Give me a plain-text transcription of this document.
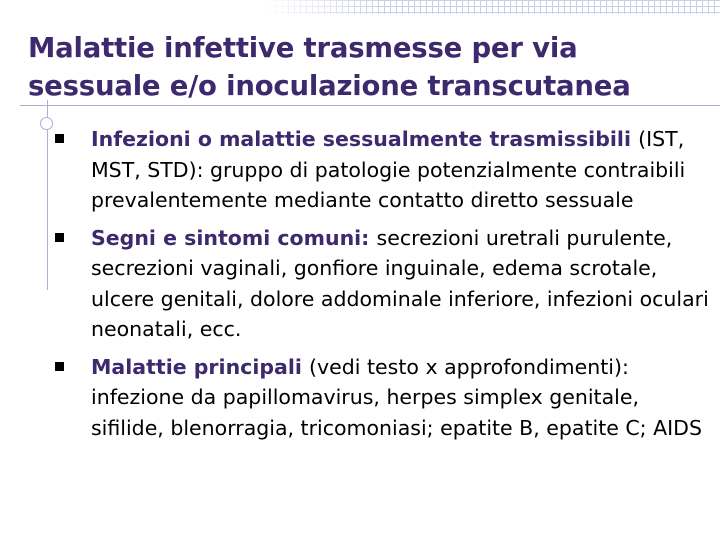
Malattie infettive trasmesse per via
sessuale e/o inoculazione transcutanea
Infezioni o malattie sessualmente trasmissibili (IST, MST, STD): gruppo di patologie potenzialmente contraibili prevalentemente mediante contatto diretto sessuale
Segni e sintomi comuni: secrezioni uretrali purulente, secrezioni vaginali, gonfiore inguinale, edema scrotale, ulcere genitali, dolore addominale inferiore, infezioni oculari neonatali, ecc.
Malattie principali (vedi testo x approfondimenti): infezione da papillomavirus, herpes simplex genitale, sifilide, blenorragia, tricomoniasi; epatite B, epatite C; AIDS
